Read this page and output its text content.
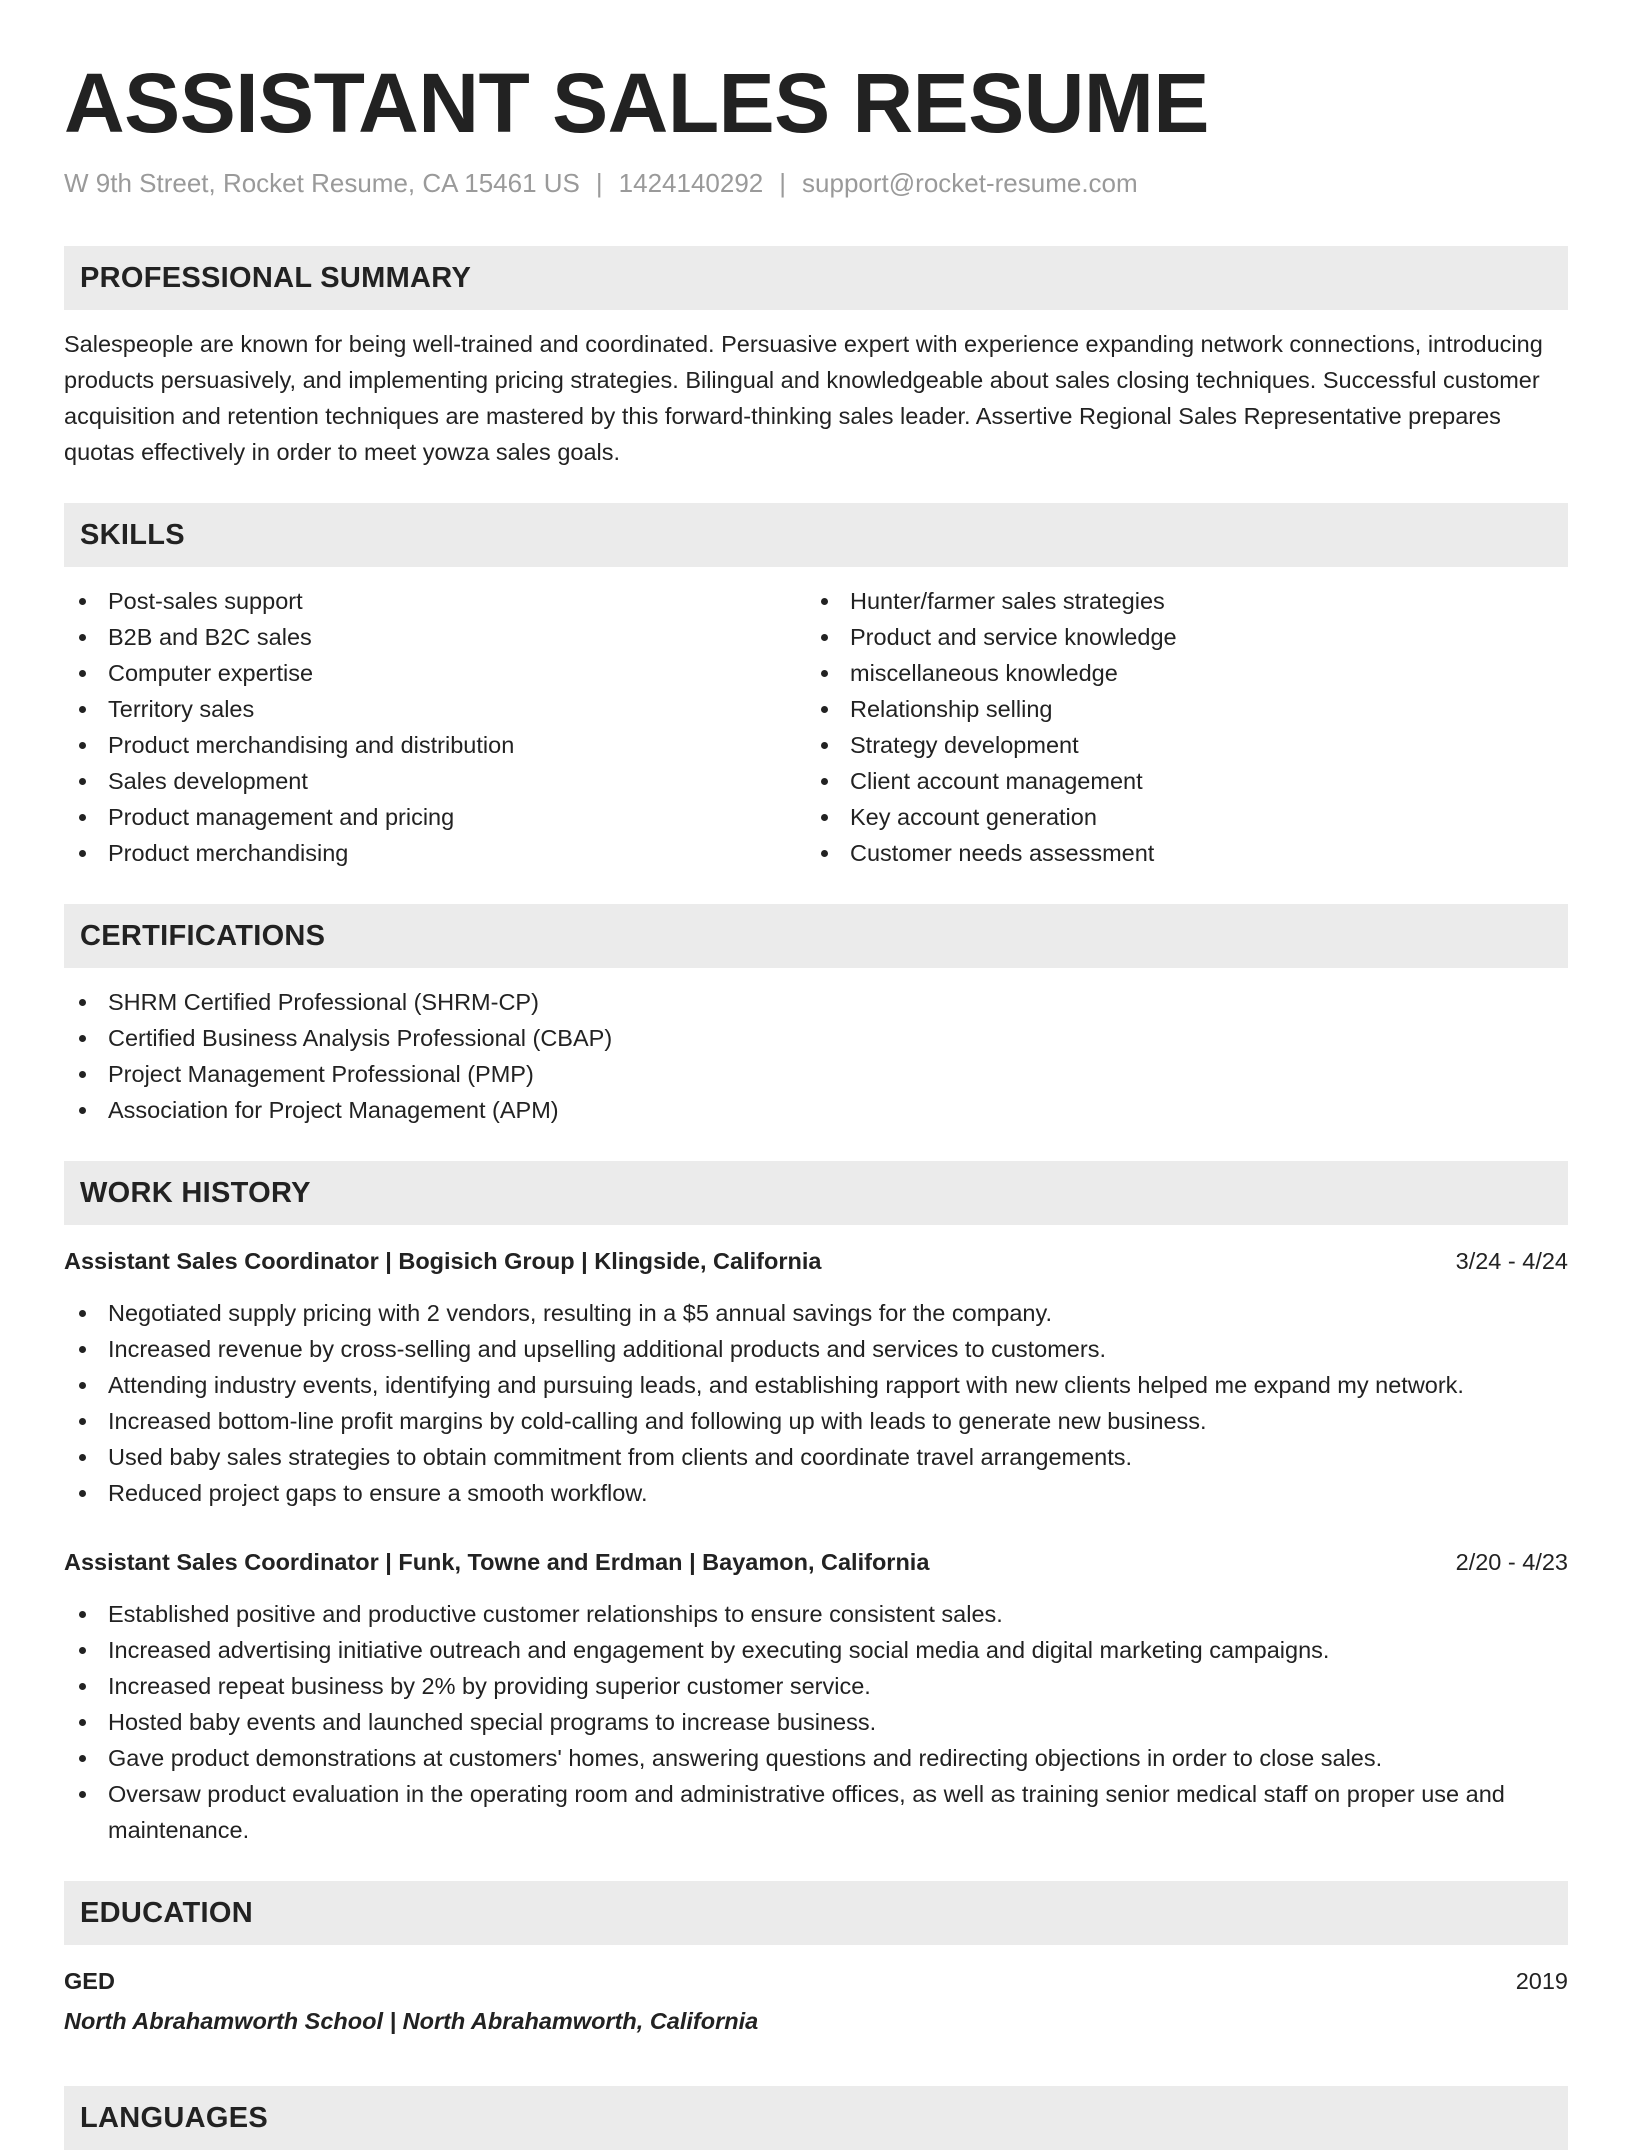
ASSISTANT SALES RESUME
W 9th Street, Rocket Resume, CA 15461 US | 1424140292 | support@rocket-resume.com
PROFESSIONAL SUMMARY

Salespeople are known for being well-trained and coordinated. Persuasive expert with experience expanding network connections, introducing products persuasively, and implementing pricing strategies. Bilingual and knowledgeable about sales closing techniques. Successful customer acquisition and retention techniques are mastered by this forward-thinking sales leader. Assertive Regional Sales Representative prepares quotas effectively in order to meet yowza sales goals.

SKILLS
Post-sales support
B2B and B2C sales
Computer expertise
Territory sales
Product merchandising and distribution
Sales development
Product management and pricing
Product merchandising
Hunter/farmer sales strategies
Product and service knowledge
miscellaneous knowledge
Relationship selling
Strategy development
Client account management
Key account generation
Customer needs assessment
CERTIFICATIONS
SHRM Certified Professional (SHRM-CP)
Certified Business Analysis Professional (CBAP)
Project Management Professional (PMP)
Association for Project Management (APM)
WORK HISTORY
Assistant Sales Coordinator | Bogisich Group | Klingside, California	3/24 - 4/24
Negotiated supply pricing with 2 vendors, resulting in a $5 annual savings for the company.
Increased revenue by cross-selling and upselling additional products and services to customers.
Attending industry events, identifying and pursuing leads, and establishing rapport with new clients helped me expand my network.
Increased bottom-line profit margins by cold-calling and following up with leads to generate new business.
Used baby sales strategies to obtain commitment from clients and coordinate travel arrangements.
Reduced project gaps to ensure a smooth workflow.
Assistant Sales Coordinator | Funk, Towne and Erdman | Bayamon, California	2/20 - 4/23
Established positive and productive customer relationships to ensure consistent sales.
Increased advertising initiative outreach and engagement by executing social media and digital marketing campaigns.
Increased repeat business by 2% by providing superior customer service.
Hosted baby events and launched special programs to increase business.
Gave product demonstrations at customers' homes, answering questions and redirecting objections in order to close sales.
Oversaw product evaluation in the operating room and administrative offices, as well as training senior medical staff on proper use and maintenance.
EDUCATION
GED	2019
North Abrahamworth School | North Abrahamworth, California
LANGUAGES
